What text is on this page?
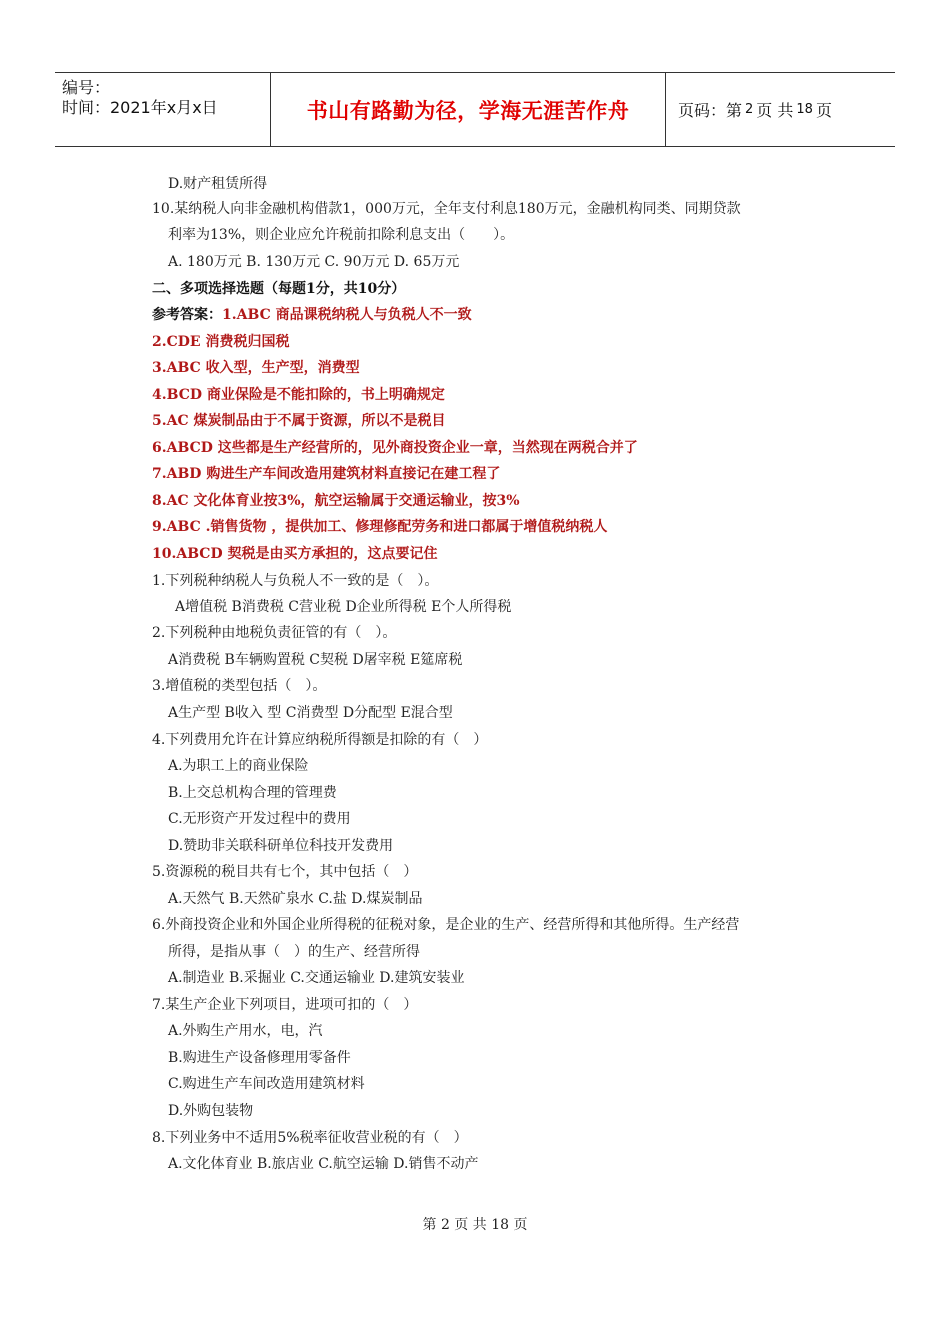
编号：
时间：2021年x月x日	书山有路勤为径，学海无涯苦作舟	页码：第 2 页 共 18 页
D.财产租赁所得
10.某纳税人向非金融机构借款1，000万元，全年支付利息180万元，金融机构同类、同期贷款
利率为13%，则企业应允许税前扣除利息支出（　　）。
A. 180万元 B. 130万元 C. 90万元 D. 65万元
二、多项选择选题（每题1分，共10分）
参考答案：1.ABC 商品课税纳税人与负税人不一致
2.CDE 消费税归国税
3.ABC 收入型，生产型，消费型
4.BCD 商业保险是不能扣除的，书上明确规定
5.AC 煤炭制品由于不属于资源，所以不是税目
6.ABCD 这些都是生产经营所的，见外商投资企业一章，当然现在两税合并了
7.ABD 购进生产车间改造用建筑材料直接记在建工程了
8.AC 文化体育业按3%，航空运输属于交通运输业，按3%
9.ABC .销售货物 ，提供加工、修理修配劳务和进口都属于增值税纳税人
10.ABCD 契税是由买方承担的，这点要记住
1.下列税种纳税人与负税人不一致的是（　）。
A增值税 B消费税 C营业税 D企业所得税 E个人所得税
2.下列税种由地税负责征管的有（　）。
A消费税 B车辆购置税 C契税 D屠宰税 E筵席税
3.增值税的类型包括（　）。
A生产型 B收入 型 C消费型 D分配型 E混合型
4.下列费用允许在计算应纳税所得额是扣除的有（　）
A.为职工上的商业保险
B.上交总机构合理的管理费
C.无形资产开发过程中的费用
D.赞助非关联科研单位科技开发费用
5.资源税的税目共有七个，其中包括（　）
A.天然气 B.天然矿泉水 C.盐 D.煤炭制品
6.外商投资企业和外国企业所得税的征税对象，是企业的生产、经营所得和其他所得。生产经营
所得，是指从事（　）的生产、经营所得
A.制造业 B.采掘业 C.交通运输业 D.建筑安装业
7.某生产企业下列项目，进项可扣的（　）
A.外购生产用水，电，汽
B.购进生产设备修理用零备件
C.购进生产车间改造用建筑材料
D.外购包装物
8.下列业务中不适用5%税率征收营业税的有（　）
A.文化体育业 B.旅店业 C.航空运输 D.销售不动产
第 2 页 共 18 页
